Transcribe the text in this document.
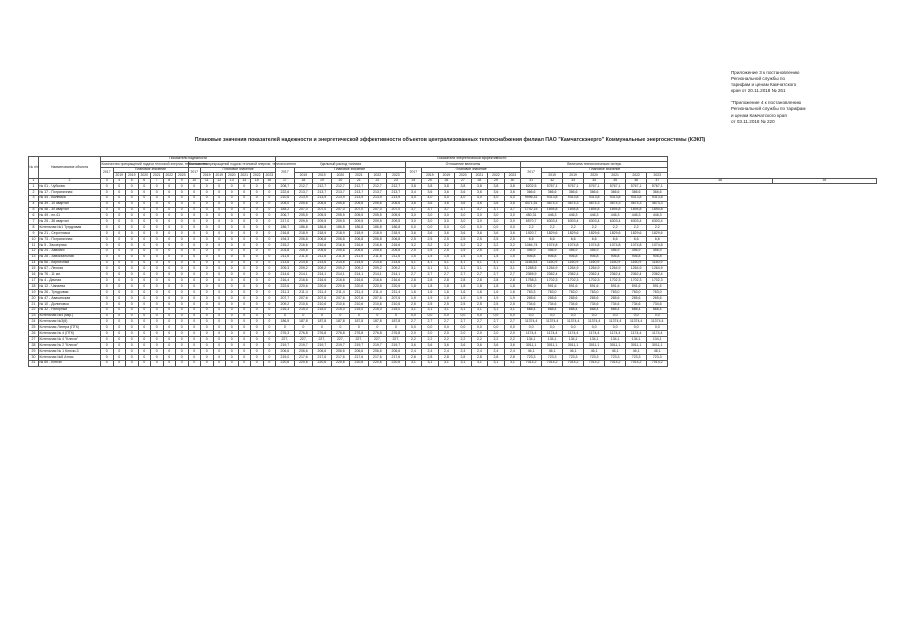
Приложение 3 к постановлению

Региональной службы по

тарифам и ценам Камчатского

края от 20.11.2018 № 261

"Приложение 4 к постановлению

Региональной службы по тарифам

и ценам Камчатского края

от 03.11.2018 № 220

Плановые значения показателей надежности и энергетической эффективности объектов централизованных теплоснабжения филиал ПАО "Камчатскэнерго" Коммунальные энергосистемы (КЭКП)
№ п/п	Наименование объекта	Показатели надежности														Показатели энергетической эффективности																						
		Количество прекращений подачи тепловой энергии, теплоносителя							Количество прекращений подачи тепловой энергии, теплоносителя							Удельный расход топлива							Отношение величины							Величина технологических потерь								
		2017	Плановое значение						2017	Плановое значение						2017	Плановое значение						2017	Плановое значение						2017	Плановое значение							
			2019	2019	2020	2021	2022	2023		2019	2019	2020	2021	2022	2023		2019	2019	2020	2021	2022	2023		2019	2019	2020	2021	2022	2023		2019	2019	2020	2021	2022	2023		
1	2	3	4	5	6	7	8	9	10	11	12	13	14	15	16	17	18	19	20	21	22	23	24	25	26	27	28	29	30	31	32	33	34	35	36	37	38	39
1	№ 01 - Чубкова	0	0	0	0	0	0	0	0	0	0	0	0	0	0	208,7	212,7	212,7	212,7	212,7	212,7	212,7	3,8	3,8	3,8	3,8	3,8	3,8	3,8	5202,5	5767,1	5767,1	5767,1	5767,1	5767,1	5767,1		
2	№ 17 - Пограничная	0	0	0	0	0	0	0	0	0	0	0	0	0	0	222,6	213,7	213,7	213,7	213,7	213,7	213,7	3,4	3,6	3,6	3,6	3,6	3,6	3,6	366,6	366,6	366,6	366,6	366,6	366,6	366,6		
3	№ 44 - Вилюйка	0	0	0	0	0	0	0	0	0	0	0	0	0	0	210,6	213,9	213,9	213,9	213,9	213,9	213,9	4,0	4,0	4,0	4,0	4,0	4,0	4,0	9996,41	9313,8	9313,8	9313,8	9313,8	9313,8	9313,8		
4	№ 39 - 10 квартал	0	0	0	0	0	0	0	0	0	0	0	0	0	0	205,0	205,6	205,6	205,6	205,6	205,6	205,6	3,6	3,6	3,6	3,6	3,6	3,6	3,6	4471,51	4674,3	4674,3	4674,3	4674,3	4674,3	4674,3		
5	№ 48 - 30 квартал	0	0	0	0	0	0	0	0	0	0	0	0	0	0	184,2	207,0	207,0	207,0	207,0	207,0	207,0	3,7	3,7	3,7	3,7	3,7	3,7	3,7	1742,15	1694,8	1694,8	1694,8	1694,8	1694,8	1694,8		
6	№ 49 - пл.41	0	0	0	0	0	0	0	0	0	0	0	0	0	0	206,7	205,5	205,5	205,5	205,5	205,5	205,5	3,0	3,0	3,0	3,0	3,0	3,0	3,0	450,31	446,3	446,3	446,3	446,3	446,3	446,3		
7	№ 25 - 38 квартал	0	0	0	0	0	0	0	0	0	0	0	0	0	0	217,0	209,5	209,5	209,5	209,5	209,5	209,5	3,0	3,0	3,0	3,0	3,0	3,0	3,0	6570,7	6303,4	6303,4	6303,4	6303,4	6303,4	6303,4		
8	Котельная №1 Тундровая	0	0	0	0	0	0	0	0	0	0	0	0	0	0	186,7	186,8	186,8	186,8	186,8	186,8	186,8	0,0	0,0	0,0	0,0	0,0	0,0	0,0	2,2	2,2	2,2	2,2	2,2	2,2	2,2		
9	№ 21 - Сероглазка	0	0	0	0	0	0	0	0	0	0	0	0	0	0	216,8	218,9	218,9	218,9	218,9	218,9	218,9	3,6	3,6	3,6	3,6	3,6	3,6	3,6	1920,7	1829,6	1829,6	1829,6	1829,6	1829,6	1829,6		
10	№ 73 - Пограничная	0	0	0	0	0	0	0	0	0	0	0	0	0	0	194,3	206,8	206,8	206,8	206,8	206,8	206,8	2,5	2,5	2,5	2,5	2,5	2,5	2,5	6,6	6,6	6,6	6,6	6,6	6,6	6,6		
11	№ 5 - Заозерная	0	0	0	0	0	0	0	0	0	0	0	0	0	0	215,2	216,6	216,6	216,6	216,6	216,6	216,6	3,2	3,2	3,2	3,2	3,2	3,2	3,2	1064,74	1074,8	1074,8	1074,8	1074,8	1074,8	1074,8		
12	№ 24 - Завойко	0	0	0	0	0	0	0	0	0	0	0	0	0	0	203,8	205,6	205,6	205,6	205,6	205,6	205,6	2,5	2,5	2,5	2,5	2,5	2,5	2,5	456,9	456,9	456,9	456,9	456,9	456,9	456,9		
13	№ 28 - Завокзальная	0	0	0	0	0	0	0	0	0	0	0	0	0	0	211,6	211,6	211,6	211,6	211,6	211,6	211,6	1,5	1,5	1,5	1,5	1,5	1,5	1,5	906,8	906,8	906,8	906,8	906,8	906,8	906,8		
14	№ 66 - Кирпичный	0	0	0	0	0	0	0	0	0	0	0	0	0	0	213,6	214,6	214,6	214,6	214,6	214,6	214,6	4,1	4,1	4,1	4,1	4,1	4,1	4,1	1165,53	1160,9	1160,9	1160,9	1160,9	1160,9	1160,9		
15	№ 67 - Лесная	0	0	0	0	0	0	0	0	0	0	0	0	0	0	209,3	209,2	209,2	209,2	209,2	209,2	209,2	3,1	3,1	3,1	3,1	3,1	3,1	3,1	1288,5	1264,9	1264,9	1264,9	1264,9	1264,9	1264,9		
16	№ 76 - 11 км	0	0	0	0	0	0	0	0	0	0	0	0	0	0	214,6	214,1	214,1	214,1	214,1	214,1	214,1	2,7	2,7	2,7	2,7	2,7	2,7	2,7	2365,9	2362,4	2362,4	2362,4	2362,4	2362,4	2362,4		
17	№ 4 - Дачная	0	0	0	0	0	0	0	0	0	0	0	0	0	0	216,4	216,6	216,6	216,6	216,6	216,6	216,6	2,8	2,8	2,8	2,8	2,8	2,8	2,8	1758,3	1702,3	1702,3	1702,3	1702,3	1702,3	1702,3		
18	№ 12 - Чапаева	0	0	0	0	0	0	0	0	0	0	0	0	0	0	222,6	220,6	220,6	220,6	220,6	220,6	220,6	1,8	1,8	1,8	1,8	1,8	1,8	1,8	591,9	591,6	591,6	591,6	591,6	591,6	591,6		
19	№ 26 - Тундровая	0	0	0	0	0	0	0	0	0	0	0	0	0	0	211,3	211,4	211,4	211,4	211,4	211,4	211,4	1,6	1,6	1,6	1,6	1,6	1,6	1,6	763,3	763,0	763,0	763,0	763,0	763,0	763,0		
20	№ 47 - Авачинская	0	0	0	0	0	0	0	0	0	0	0	0	0	0	207,7	207,6	207,6	207,6	207,6	207,6	207,6	1,9	1,9	1,9	1,9	1,9	1,9	1,9	265,6	265,6	265,6	265,6	265,6	265,6	265,6		
21	№ 10 - Долиновка	0	0	0	0	0	0	0	0	0	0	0	0	0	0	209,2	210,6	210,6	210,6	210,6	210,6	210,6	2,5	2,5	2,5	2,5	2,5	2,5	2,5	734,6	734,6	734,6	734,6	734,6	734,6	734,6		
22	№ 32 - Нагорный	0	0	0	0	0	0	0	0	0	0	0	0	0	0	216,3	215,0	215,0	215,0	215,0	215,0	215,0	3,1	3,1	3,1	3,1	3,1	3,1	3,1	668,4	668,4	668,4	668,4	668,4	668,4	668,4		
23	Котельная №4 (мкр.)	0	0	0	0	0	0	0	0	0	0	0	0	0	0	0	0	0	0	0	0	0	0,0	0,0	0,0	0,0	0,0	0,0	0,0	0,0	0,0	0,0	0,0	0,0	0,0	0,0		
24	Котельная №3(6)	0	0	0	0	0	0	0	0	0	0	0	0	0	0	186,5	187,8	187,8	187,8	187,8	187,8	187,8	2,7	2,7	2,7	2,7	2,7	2,7	2,7	11374,4	11374,4	11374,4	11374,4	11374,4	11374,4	11374,4		
25	Котельная Литера (ПТК)	0	0	0	0	0	0	0	0	0	0	0	0	0	0	0	0	0	0	0	0	0	0,0	0,0	0,0	0,0	0,0	0,0	0,0	0,0	0,0	0,0	0,0	0,0	0,0	0,0		
26	Котельная № 4 (ПТК)	0	0	0	0	0	0	0	0	0	0	0	0	0	0	276,3	276,8	276,8	276,8	276,8	276,8	276,8	2,0	2,0	2,0	2,0	2,0	2,0	2,0	1174,4	1174,4	1174,4	1174,4	1174,4	1174,4	1174,4		
27	Котельная № 4 "Ключи"	0	0	0	0	0	0	0	0	0	0	0	0	0	0	227,	227,	227,	227,	227,	227,	227,	2,2	2,2	2,2	2,2	2,2	2,2	2,2	134,1	134,1	134,1	134,1	134,1	134,1	134,1		
28	Котельная № 2 "Ключи"	0	0	0	0	0	0	0	0	0	0	0	0	0	0	219,7	219,7	219,7	219,7	219,7	219,7	219,7	3,6	3,6	3,6	3,6	3,6	3,6	3,6	3011,1	3011,1	3011,1	3011,1	3011,1	3011,1	3011,1		
29	Котельная № 1 Ключи-3	0	0	0	0	0	0	0	0	0	0	0	0	0	0	206,6	206,6	206,6	206,6	206,6	206,6	206,6	2,4	2,4	2,4	2,4	2,4	2,4	2,4	46,1	46,1	46,1	46,1	46,1	46,1	46,1		
30	Котельная №8 Атлас	0	0	0	0	0	0	0	0	0	0	0	0	0	0	215,0	217,6	217,6	217,6	217,6	217,6	217,6	2,8	2,8	2,8	2,8	2,8	2,8	2,8	723,3	723,3	723,3	723,3	723,3	723,3	723,3		
31	№ 69 - Ключи	0	0	0	0	0	0	0	0	0	0	0	0	0	0	220,6	220,6	220,6	220,6	220,6	220,6	220,6	3,1	3,1	3,1	3,1	3,1	3,1	3,1	7014,2	7014,2	7014,2	7014,2	7014,2	7014,2	7014,2		
